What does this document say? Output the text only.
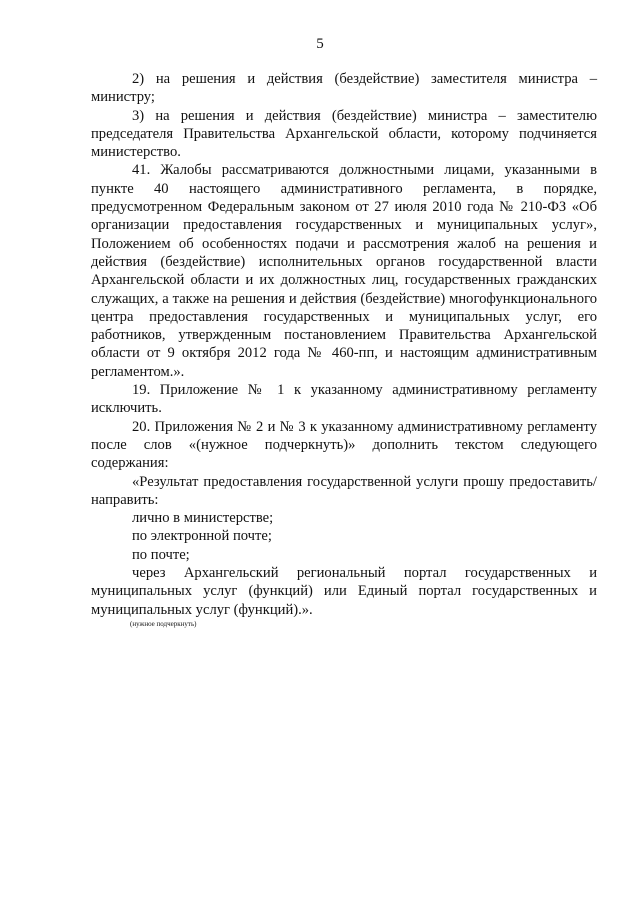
5

2) на решения и действия (бездействие) заместителя министра – министру;

3) на решения и действия (бездействие) министра – заместителю председателя Правительства Архангельской области, которому подчиняется министерство.

41. Жалобы рассматриваются должностными лицами, указанными в пункте 40 настоящего административного регламента, в порядке, предусмотренном Федеральным законом от 27 июля 2010 года № 210-ФЗ «Об организации предоставления государственных и муниципальных услуг», Положением об особенностях подачи и рассмотрения жалоб на решения и действия (бездействие) исполнительных органов государственной власти Архангельской области и их должностных лиц, государственных гражданских служащих, а также на решения и действия (бездействие) многофункционального центра предоставления государственных и муниципальных услуг, его работников, утвержденным постановлением Правительства Архангельской области от 9 октября 2012 года № 460-пп, и настоящим административным регламентом.».

19. Приложение № 1 к указанному административному регламенту исключить.

20. Приложения № 2 и № 3 к указанному административному регламенту после слов «(нужное подчеркнуть)» дополнить текстом следующего содержания:

«Результат предоставления государственной услуги прошу предоставить/направить:

лично в министерстве;

по электронной почте;

по почте;

через Архангельский региональный портал государственных и муниципальных услуг (функций) или Единый портал государственных и муниципальных услуг (функций).».

(нужное подчеркнуть)
